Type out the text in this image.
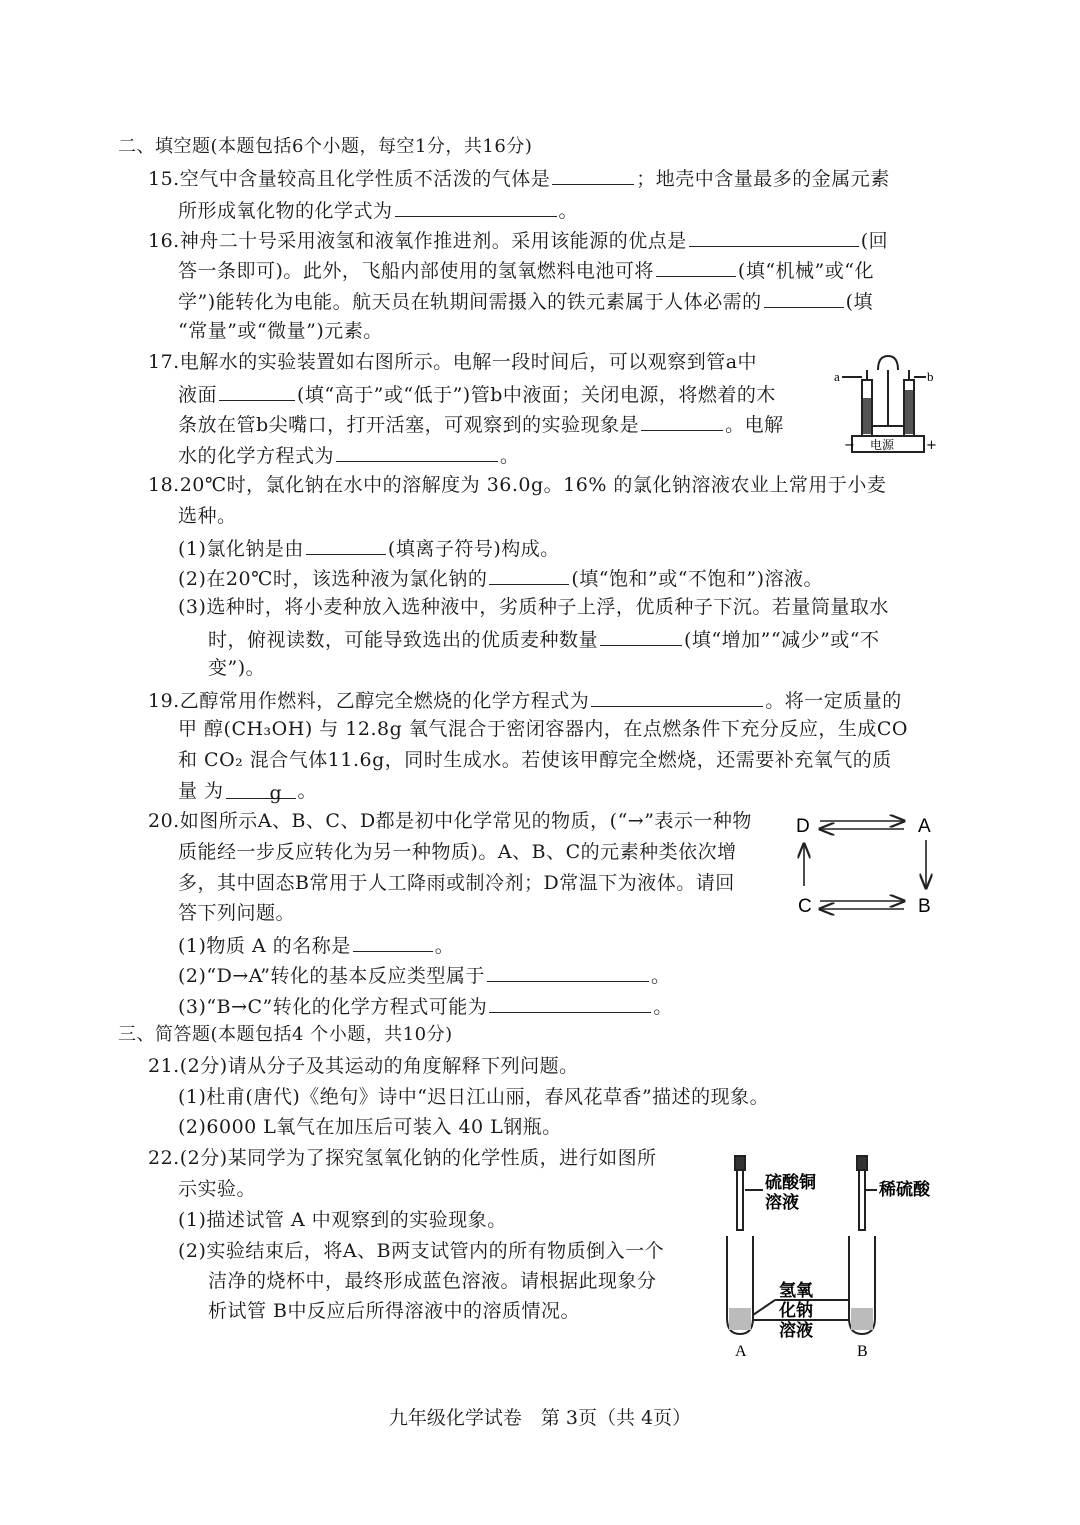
二、填空题(本题包括6个小题，每空1分，共16分)
15.空气中含量较高且化学性质不活泼的气体是	；地壳中含量最多的金属元素
所形成氧化物的化学式为	。
16.神舟二十号采用液氢和液氧作推进剂。采用该能源的优点是	(回
答一条即可)。此外，飞船内部使用的氢氧燃料电池可将	(填“机械”或“化
学”)能转化为电能。航天员在轨期间需摄入的铁元素属于人体必需的	(填
“常量”或“微量”)元素。
17.电解水的实验装置如右图所示。电解一段时间后，可以观察到管a中
液面	(填“高于”或“低于”)管b中液面；关闭电源，将燃着的木
条放在管b尖嘴口，打开活塞，可观察到的实验现象是	。电解
水的化学方程式为	。
a	b
电源
−	+
18.20℃时，氯化钠在水中的溶解度为 36.0g。16% 的氯化钠溶液农业上常用于小麦
选种。
(1)氯化钠是由	(填离子符号)构成。
(2)在20℃时，该选种液为氯化钠的	(填“饱和”或“不饱和”)溶液。
(3)选种时，将小麦种放入选种液中，劣质种子上浮，优质种子下沉。若量筒量取水
时，俯视读数，可能导致选出的优质麦种数量	(填“增加”“减少”或“不
变”)。
19.乙醇常用作燃料，乙醇完全燃烧的化学方程式为	。将一定质量的
甲 醇(CH₃OH) 与 12.8g 氧气混合于密闭容器内，在点燃条件下充分反应，生成CO
和 CO₂ 混合气体11.6g，同时生成水。若使该甲醇完全燃烧，还需要补充氧气的质
量 为 g 。
20.如图所示A、B、C、D都是初中化学常见的物质，(“→”表示一种物
质能经一步反应转化为另一种物质)。A、B、C的元素种类依次增
多，其中固态B常用于人工降雨或制冷剂；D常温下为液体。请回
答下列问题。
(1)物质 A 的名称是	。
(2)“D→A”转化的基本反应类型属于	。
(3)“B→C”转化的化学方程式可能为	。
D	A
C	B
三、简答题(本题包括4 个小题，共10分)
21.(2分)请从分子及其运动的角度解释下列问题。
(1)杜甫(唐代)《绝句》诗中“迟日江山丽，春风花草香”描述的现象。
(2)6000 L氧气在加压后可装入 40 L钢瓶。
22.(2分)某同学为了探究氢氧化钠的化学性质，进行如图所
示实验。
(1)描述试管 A 中观察到的实验现象。
(2)实验结束后，将A、B两支试管内的所有物质倒入一个
洁净的烧杯中，最终形成蓝色溶液。请根据此现象分
析试管 B中反应后所得溶液中的溶质情况。
硫酸铜
溶液
稀硫酸
氢氧
化钠
溶液
A	B
九年级化学试卷　第 3页（共 4页）
